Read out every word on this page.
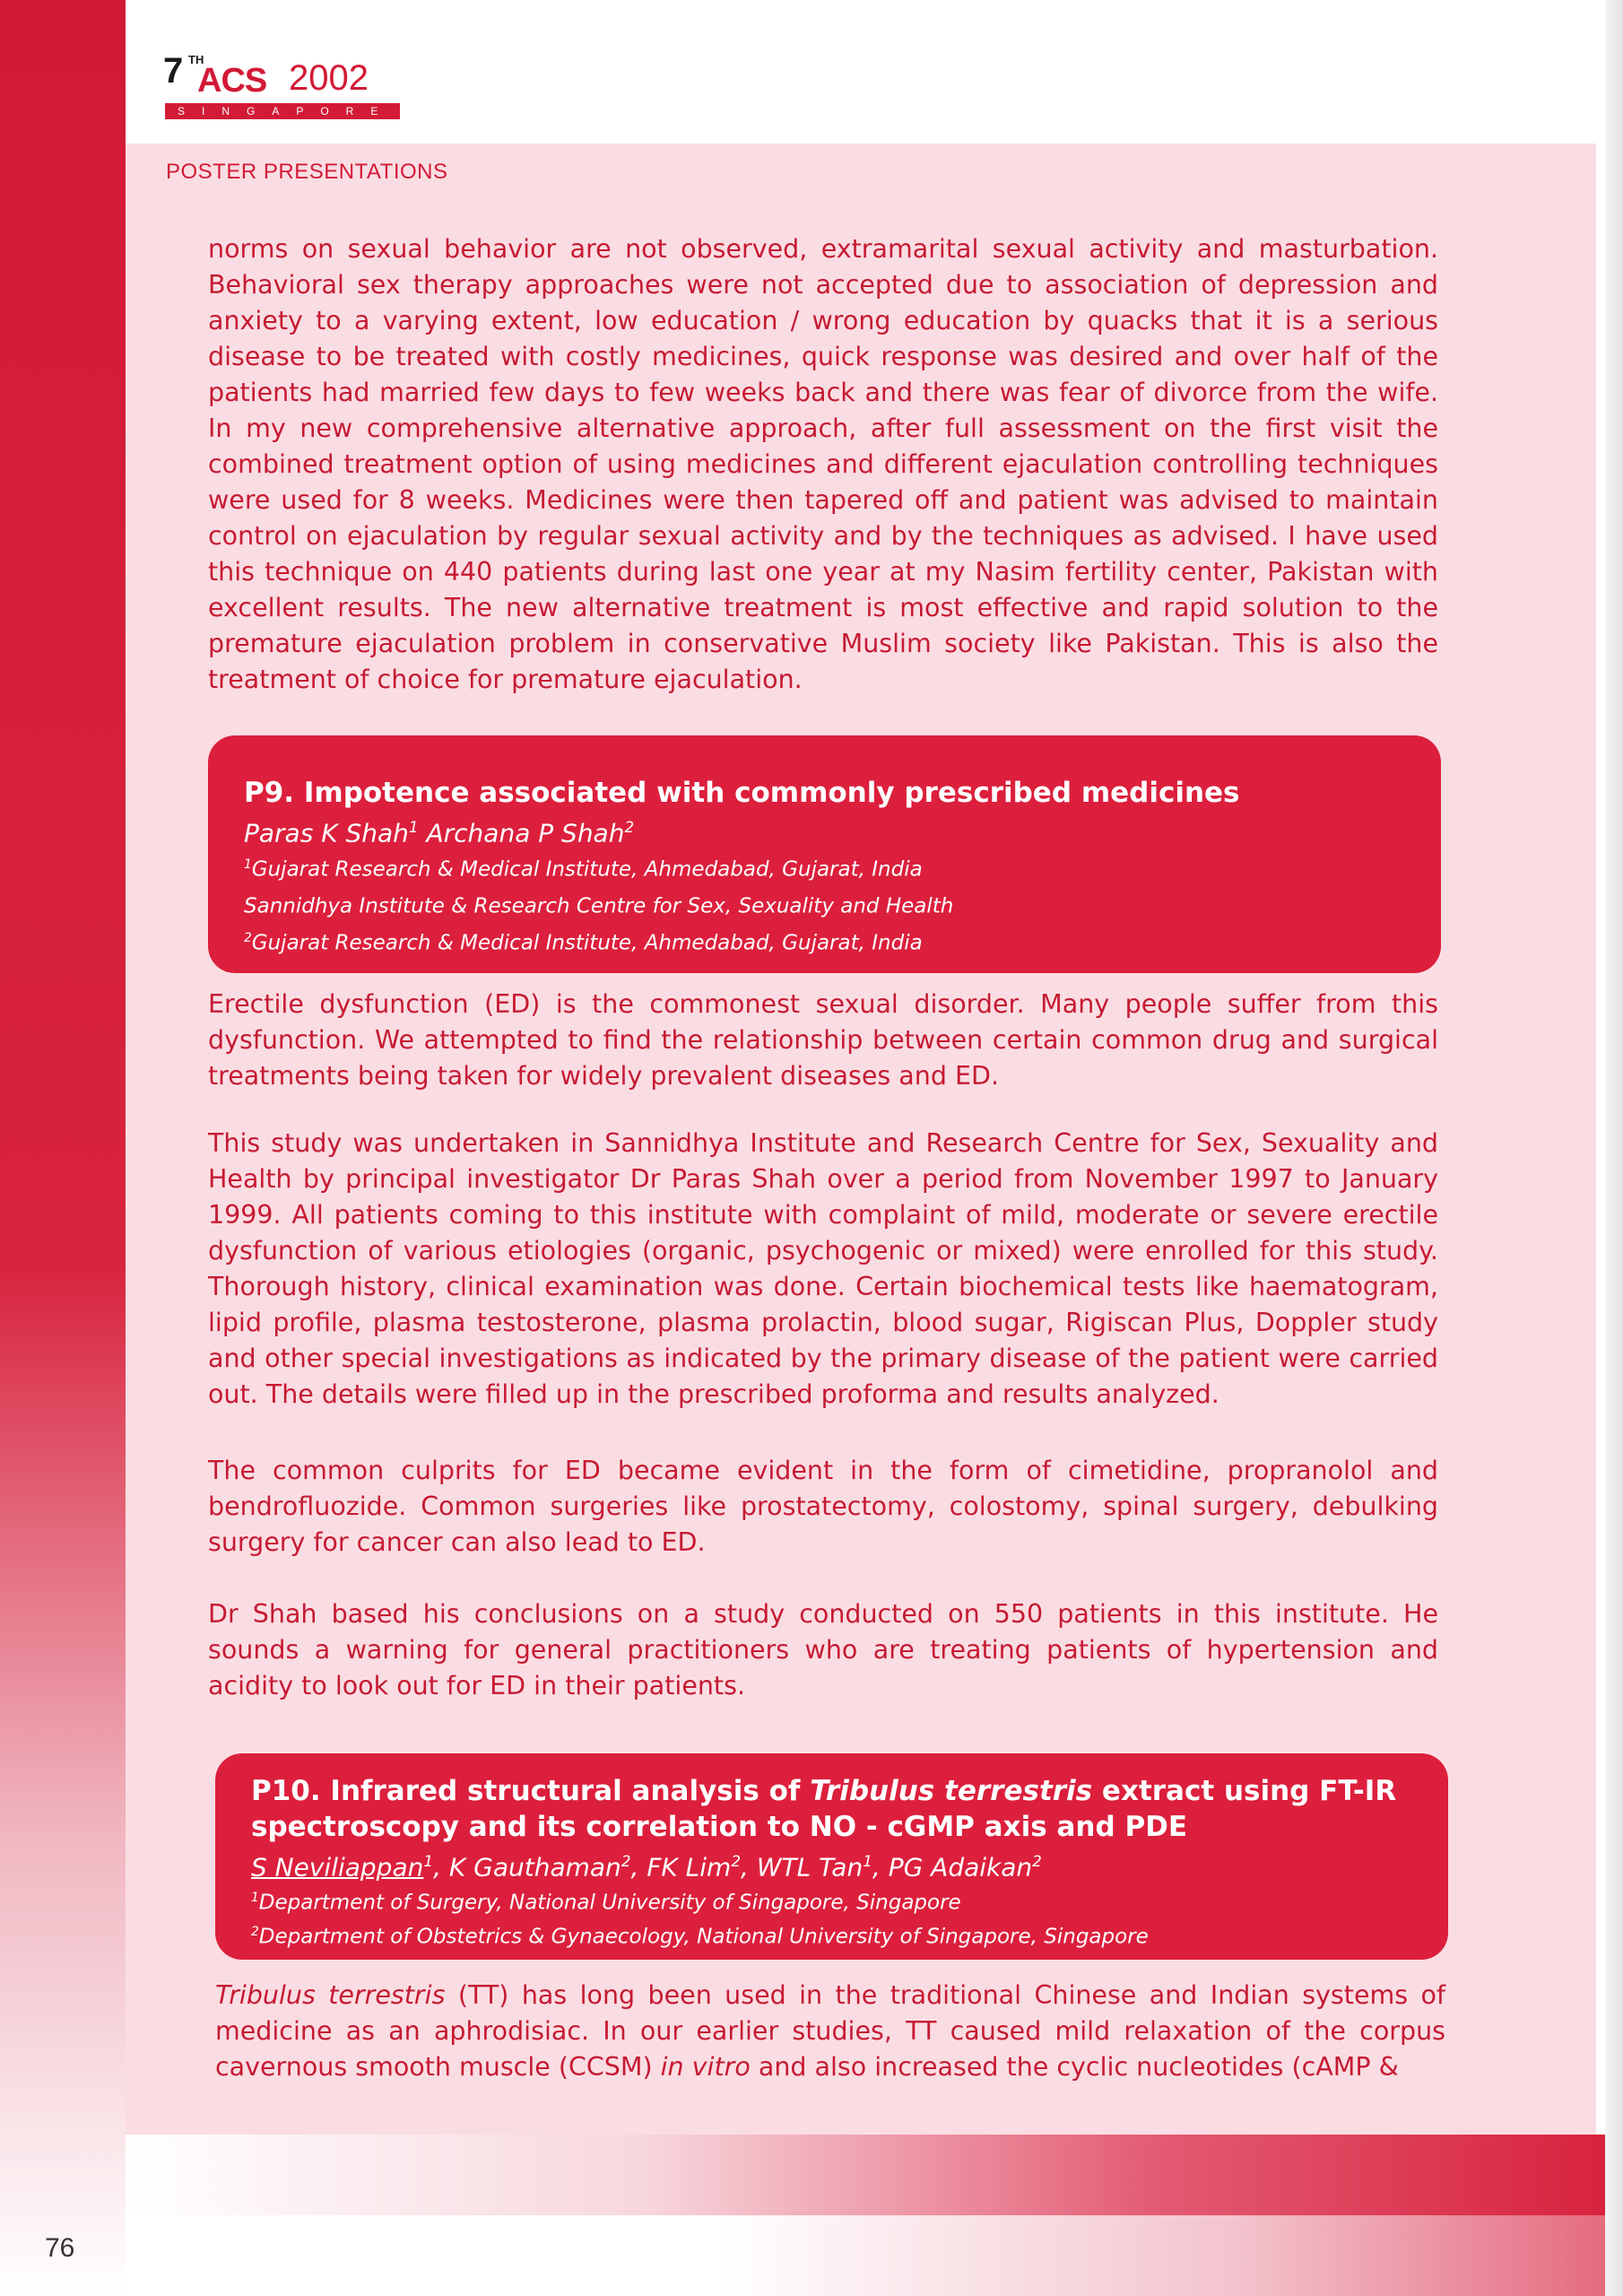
7 TH
ACS 2002
SINGAPORE
POSTER PRESENTATIONS

norms on sexual behavior are not observed, extramarital sexual activity and masturbation. Behavioral sex therapy approaches were not accepted due to association of depression and anxiety to a varying extent, low education / wrong education by quacks that it is a serious disease to be treated with costly medicines, quick response was desired and over half of the patients had married few days to few weeks back and there was fear of divorce from the wife. In my new comprehensive alternative approach, after full assessment on the first visit the combined treatment option of using medicines and different ejaculation controlling techniques were used for 8 weeks. Medicines were then tapered off and patient was advised to maintain control on ejaculation by regular sexual activity and by the techniques as advised. I have used this technique on 440 patients during last one year at my Nasim fertility center, Pakistan with excellent results. The new alternative treatment is most effective and rapid solution to the premature ejaculation problem in conservative Muslim society like Pakistan. This is also the treatment of choice for premature ejaculation.

P9. Impotence associated with commonly prescribed medicines

Paras K Shah$^1$ Archana P Shah$^2$

$^1$Gujarat Research & Medical Institute, Ahmedabad, Gujarat, India

Sannidhya Institute & Research Centre for Sex, Sexuality and Health

$^2$Gujarat Research & Medical Institute, Ahmedabad, Gujarat, India

Erectile dysfunction (ED) is the commonest sexual disorder. Many people suffer from this dysfunction. We attempted to find the relationship between certain common drug and surgical treatments being taken for widely prevalent diseases and ED.

This study was undertaken in Sannidhya Institute and Research Centre for Sex, Sexuality and Health by principal investigator Dr Paras Shah over a period from November 1997 to January 1999. All patients coming to this institute with complaint of mild, moderate or severe erectile dysfunction of various etiologies (organic, psychogenic or mixed) were enrolled for this study. Thorough history, clinical examination was done. Certain biochemical tests like haematogram, lipid profile, plasma testosterone, plasma prolactin, blood sugar, Rigiscan Plus, Doppler study and other special investigations as indicated by the primary disease of the patient were carried out. The details were filled up in the prescribed proforma and results analyzed.

The common culprits for ED became evident in the form of cimetidine, propranolol and bendrofluozide. Common surgeries like prostatectomy, colostomy, spinal surgery, debulking surgery for cancer can also lead to ED.

Dr Shah based his conclusions on a study conducted on 550 patients in this institute. He sounds a warning for general practitioners who are treating patients of hypertension and acidity to look out for ED in their patients.

P10. Infrared structural analysis of Tribulus terrestris extract using FT-IR spectroscopy and its correlation to NO - cGMP axis and PDE

S Neviliappan$^1$, K Gauthaman$^2$, FK Lim$^2$, WTL Tan$^1$, PG Adaikan$^2$

$^1$Department of Surgery, National University of Singapore, Singapore

$^2$Department of Obstetrics & Gynaecology, National University of Singapore, Singapore

Tribulus terrestris (TT) has long been used in the traditional Chinese and Indian systems of medicine as an aphrodisiac. In our earlier studies, TT caused mild relaxation of the corpus cavernous smooth muscle (CCSM) in vitro and also increased the cyclic nucleotides (cAMP &

76
